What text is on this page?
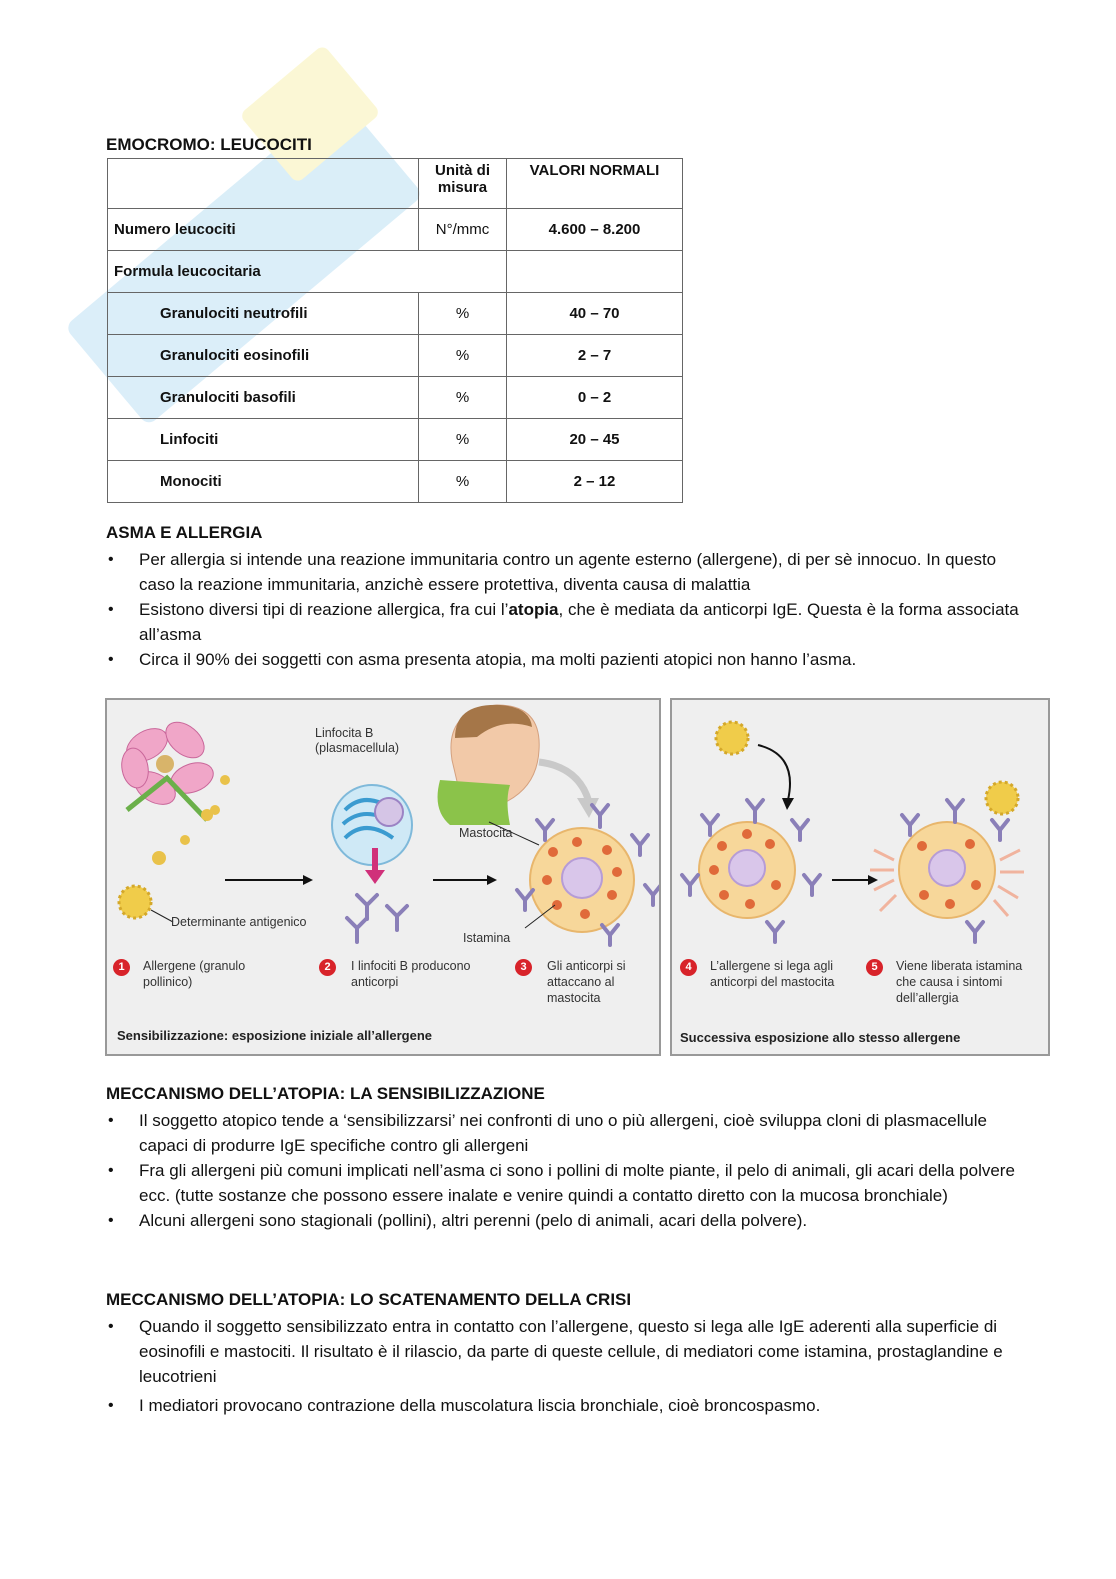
EMOCROMO: LEUCOCITI
	Unità di misura	VALORI NORMALI
Numero leucociti	N°/mmc	4.600 – 8.200
Formula leucocitaria		
Granulociti neutrofili	%	40 – 70
Granulociti eosinofili	%	2 – 7
Granulociti basofili	%	0 – 2
Linfociti	%	20 – 45
Monociti	%	2 – 12
ASMA E ALLERGIA
• Per allergia si intende una reazione immunitaria contro un agente esterno (allergene), di per sè innocuo. In questo caso la reazione immunitaria, anzichè essere protettiva, diventa causa di malattia
• Esistono diversi tipi di reazione allergica, fra cui l’atopia, che è mediata da anticorpi IgE. Questa è la forma associata all’asma
• Circa il 90% dei soggetti con asma presenta atopia, ma molti pazienti atopici non hanno l’asma.
Linfocita B (plasmacellula)
Mastocita
Determinante antigenico
Istamina
1	Allergene (granulo pollinico)
2	I linfociti B producono anticorpi
3	Gli anticorpi si attaccano al mastocita
Sensibilizzazione: esposizione iniziale all’allergene
4	L’allergene si lega agli anticorpi del mastocita
5	Viene liberata istamina che causa i sintomi dell’allergia
Successiva esposizione allo stesso allergene
MECCANISMO DELL’ATOPIA: LA SENSIBILIZZAZIONE
• Il soggetto atopico tende a ‘sensibilizzarsi’ nei confronti di uno o più allergeni, cioè sviluppa cloni di plasmacellule capaci di produrre IgE specifiche contro gli allergeni
• Fra gli allergeni più comuni implicati nell’asma ci sono i pollini di molte piante, il pelo di animali, gli acari della polvere ecc. (tutte sostanze che possono essere inalate e venire quindi a contatto diretto con la mucosa bronchiale)
• Alcuni allergeni sono stagionali (pollini), altri perenni (pelo di animali, acari della polvere).
MECCANISMO DELL’ATOPIA: LO SCATENAMENTO DELLA CRISI
• Quando il soggetto sensibilizzato entra in contatto con l’allergene, questo si lega alle IgE aderenti alla superficie di eosinofili e mastociti. Il risultato è il rilascio, da parte di queste cellule, di mediatori come istamina, prostaglandine e leucotrieni
• I mediatori provocano contrazione della muscolatura liscia bronchiale, cioè broncospasmo.
